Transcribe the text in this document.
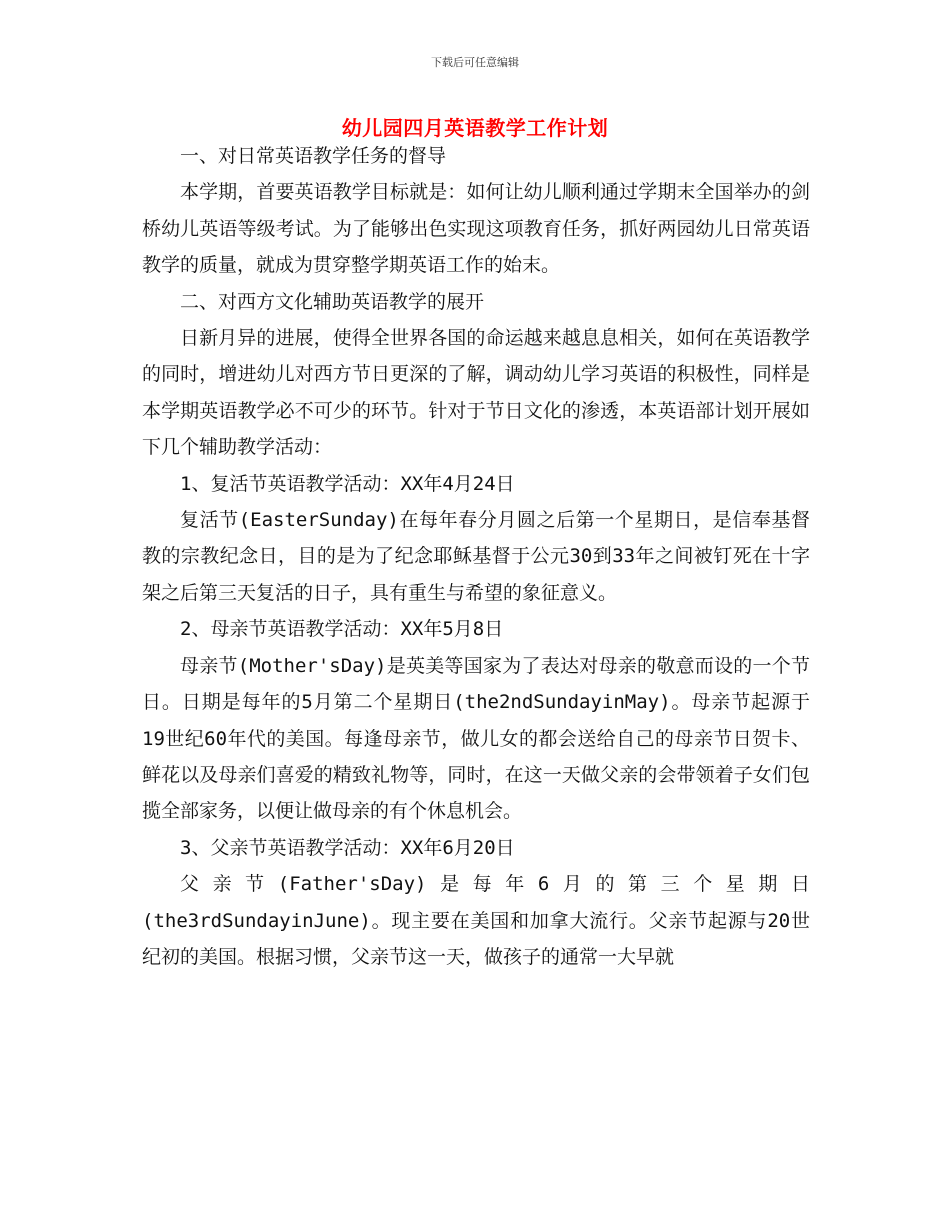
下载后可任意编辑
幼儿园四月英语教学工作计划

一、对日常英语教学任务的督导

本学期，首要英语教学目标就是：如何让幼儿顺利通过学期末全国举办的剑桥幼儿英语等级考试。为了能够出色实现这项教育任务，抓好两园幼儿日常英语教学的质量，就成为贯穿整学期英语工作的始末。

二、对西方文化辅助英语教学的展开

日新月异的进展，使得全世界各国的命运越来越息息相关，如何在英语教学的同时，增进幼儿对西方节日更深的了解，调动幼儿学习英语的积极性，同样是本学期英语教学必不可少的环节。针对于节日文化的渗透，本英语部计划开展如下几个辅助教学活动：

1、复活节英语教学活动：XX年4月24日

复活节(EasterSunday)在每年春分月圆之后第一个星期日，是信奉基督教的宗教纪念日，目的是为了纪念耶稣基督于公元30到33年之间被钉死在十字架之后第三天复活的日子，具有重生与希望的象征意义。

2、母亲节英语教学活动：XX年5月8日

母亲节(Mother'sDay)是英美等国家为了表达对母亲的敬意而设的一个节日。日期是每年的5月第二个星期日(the2ndSundayinMay)。母亲节起源于19世纪60年代的美国。每逢母亲节，做儿女的都会送给自己的母亲节日贺卡、鲜花以及母亲们喜爱的精致礼物等，同时，在这一天做父亲的会带领着子女们包揽全部家务，以便让做母亲的有个休息机会。

3、父亲节英语教学活动：XX年6月20日

父亲节(Father'sDay)是每年6月的第三个星期日(the3rdSundayinJune)。现主要在美国和加拿大流行。父亲节起源与20世纪初的美国。根据习惯，父亲节这一天，做孩子的通常一大早就
